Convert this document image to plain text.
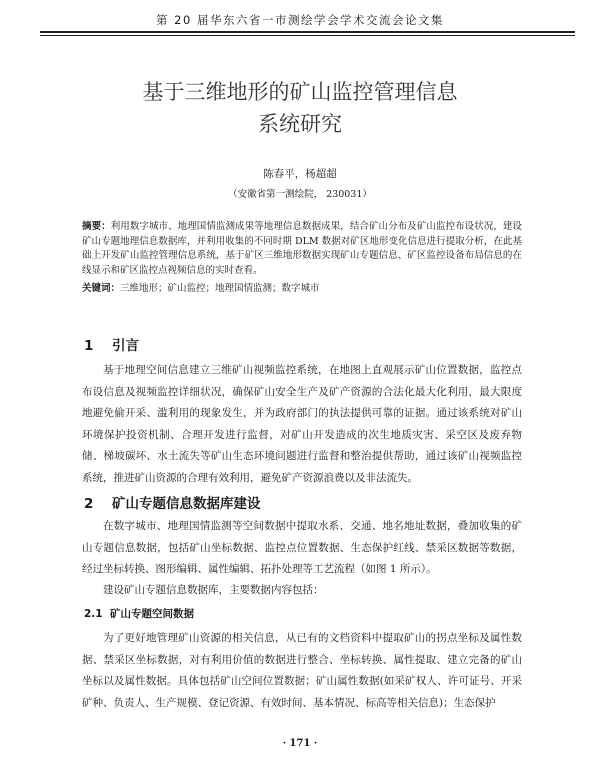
第 20 届华东六省一市测绘学会学术交流会论文集
基于三维地形的矿山监控管理信息
系统研究
陈春平，杨超超
（安徽省第一测绘院， 230031）
摘要：利用数字城市、地理国情监测成果等地理信息数据成果，结合矿山分布及矿山监控布设状况，建设矿山专题地理信息数据库，并利用收集的不同时期 DLM 数据对矿区地形变化信息进行提取分析，在此基础上开发矿山监控管理信息系统，基于矿区三维地形数据实现矿山专题信息、矿区监控设备布局信息的在线显示和矿区监控点视频信息的实时查看。
关键词：三维地形；矿山监控；地理国情监测；数字城市
1 引言
基于地理空间信息建立三维矿山视频监控系统，在地图上直观展示矿山位置数据，监控点布设信息及视频监控详细状况，确保矿山安全生产及矿产资源的合法化最大化利用，最大限度地避免偷开采、滥利用的现象发生，并为政府部门的执法提供可靠的证据。通过该系统对矿山环境保护投资机制、合理开发进行监督，对矿山开发造成的次生地质灾害、采空区及废弃物储、梯坡碳坏、水土流失等矿山生态环境问题进行监督和整治提供帮助，通过该矿山视频监控系统，推进矿山资源的合理有效利用，避免矿产资源浪费以及非法流失。
2 矿山专题信息数据库建设
在数字城市、地理国情监测等空间数据中提取水系、交通、地名地址数据，叠加收集的矿山专题信息数据，包括矿山坐标数据、监控点位置数据、生态保护红线、禁采区数据等数据，经过坐标转换、图形编辑、属性编辑、拓扑处理等工艺流程（如图 1 所示）。
建设矿山专题信息数据库，主要数据内容包括：
2.1 矿山专题空间数据
为了更好地管理矿山资源的相关信息，从已有的文档资料中提取矿山的拐点坐标及属性数据、禁采区坐标数据，对有利用价值的数据进行整合、坐标转换、属性提取、建立完备的矿山坐标以及属性数据。具体包括矿山空间位置数据；矿山属性数据(如采矿权人、许可证号、开采矿种、负责人、生产规模、登记资源、有效时间、基本情况、标高等相关信息)；生态保护
· 171 ·
